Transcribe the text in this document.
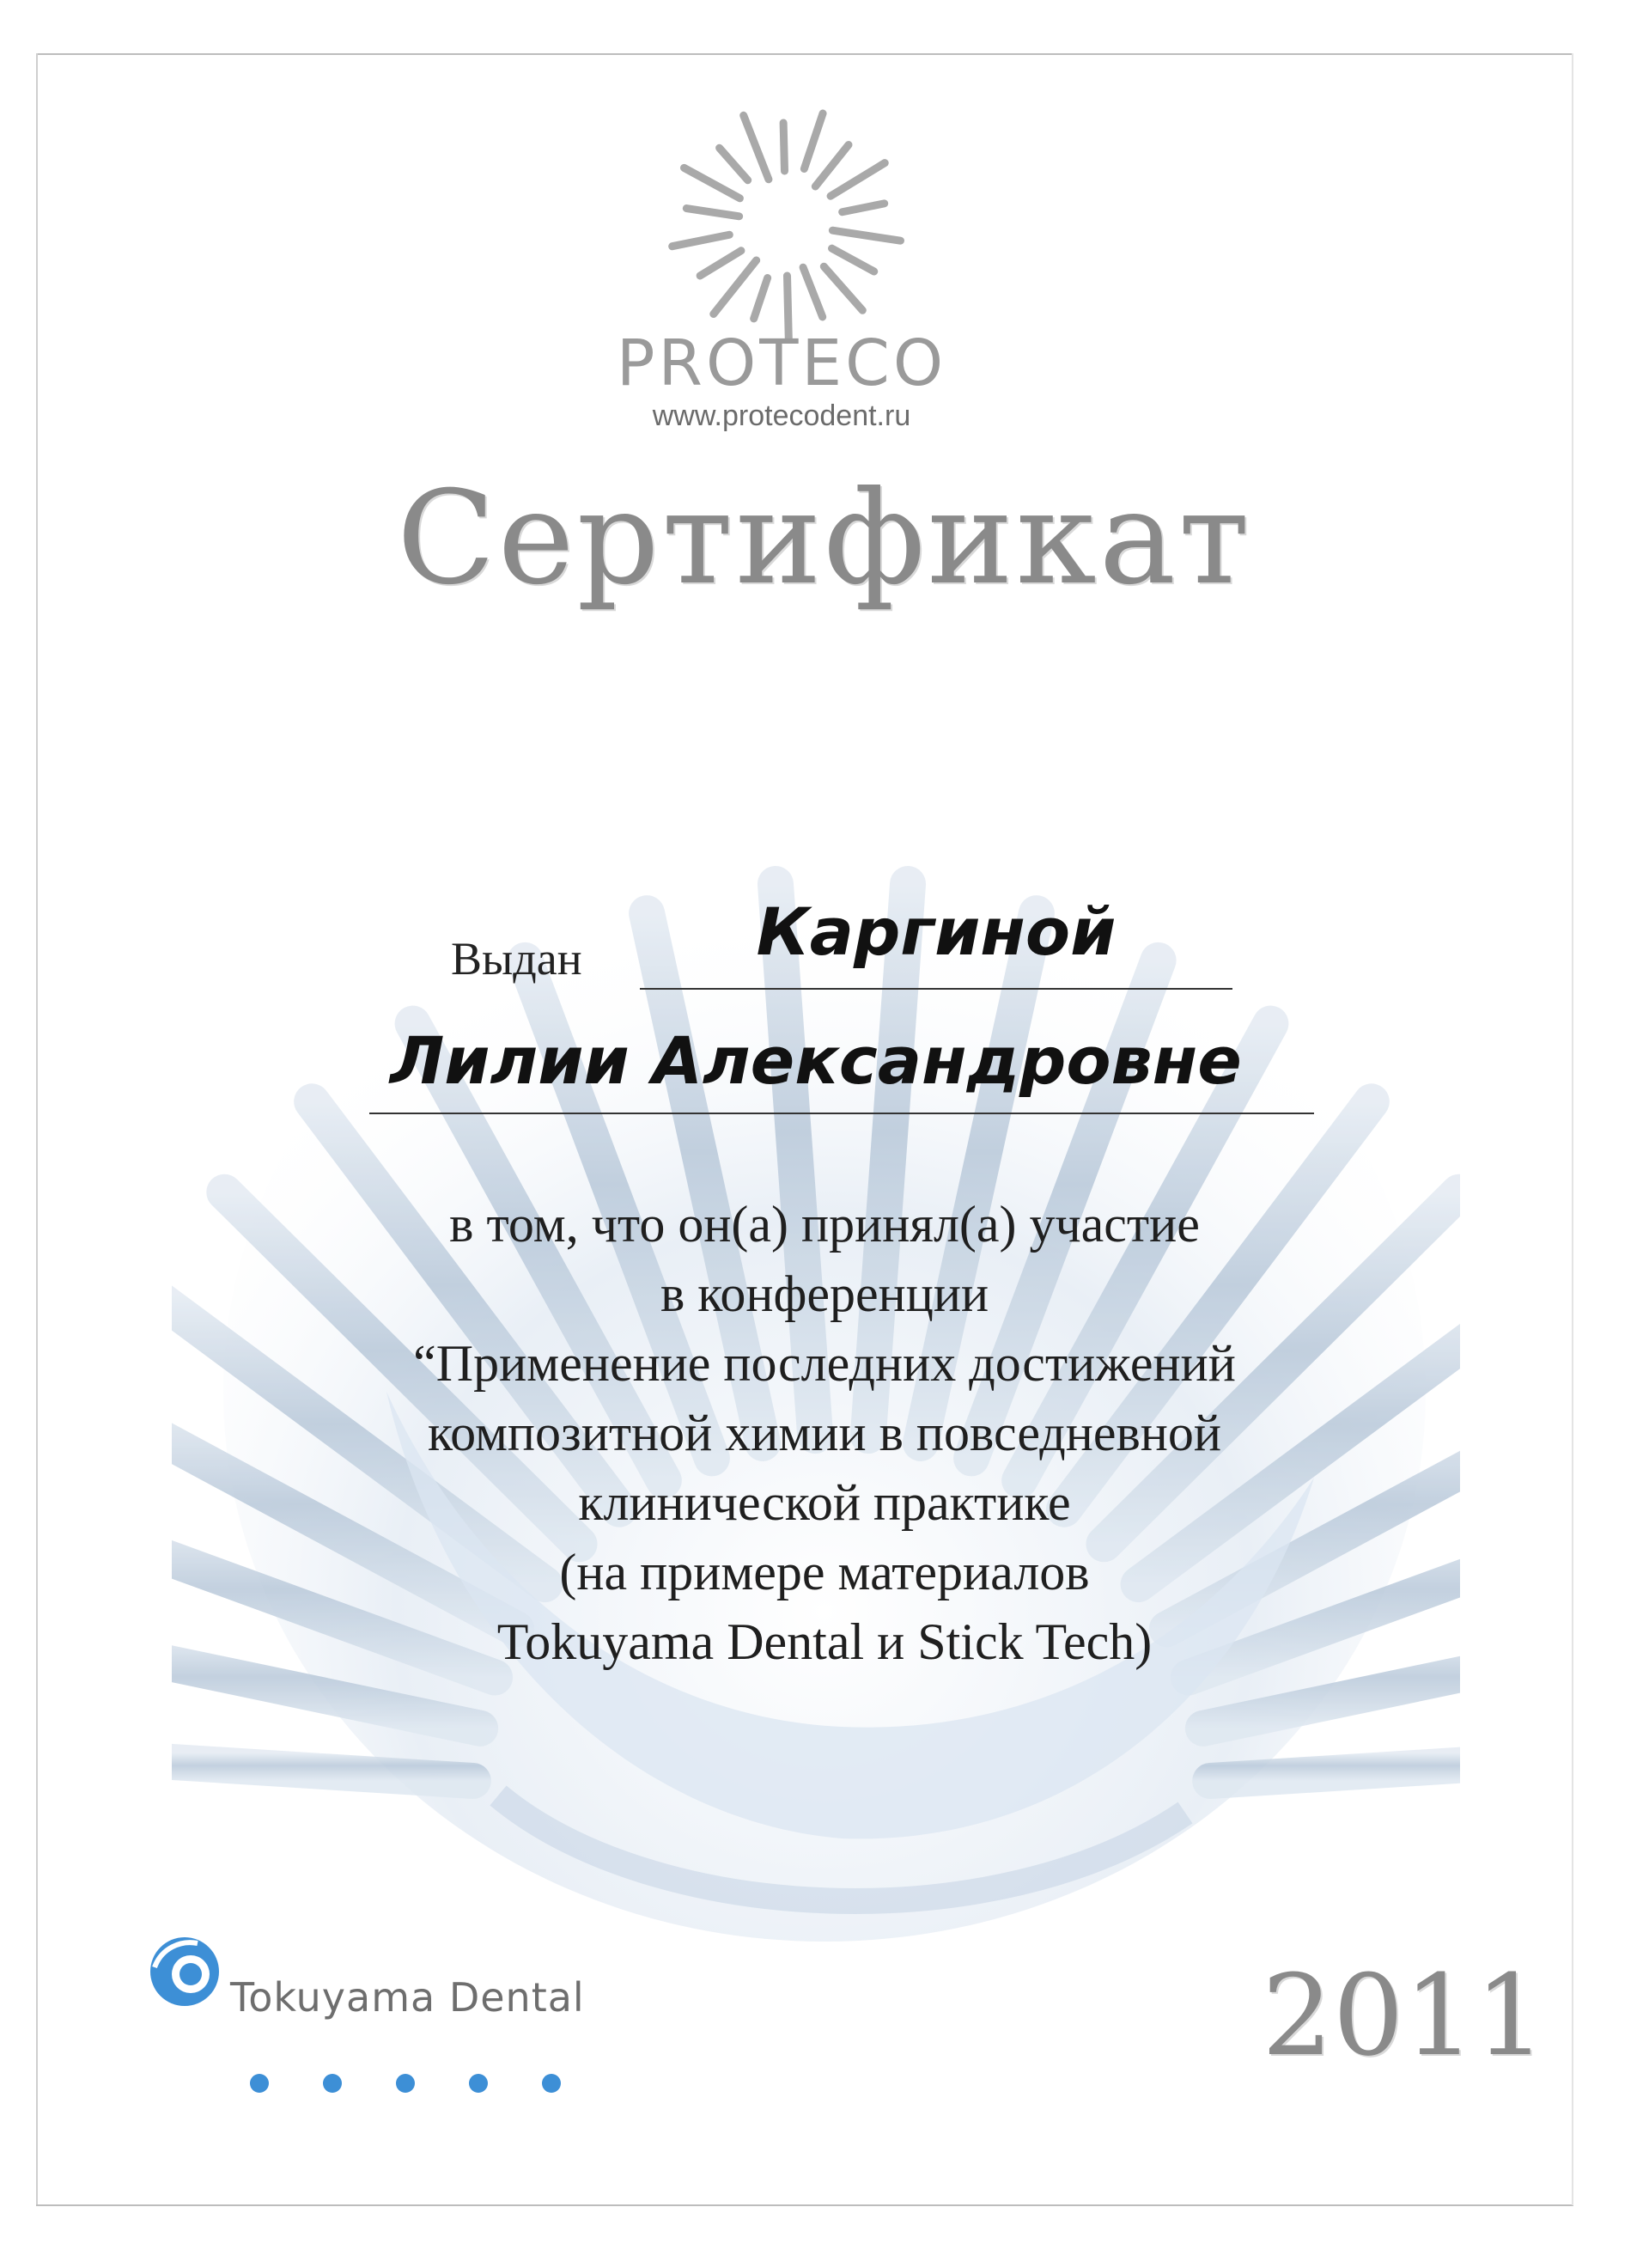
PROTECO
www.protecodent.ru
Сертификат
Выдан	Каргиной
Лилии Александровне
в том, что он(а) принял(а) участие
в конференции
“Применение последних достижений
композитной химии в повседневной
клинической практике
(на примере материалов
Tokuyama Dental и Stick Tech)
Tokuyama Dental	2011
